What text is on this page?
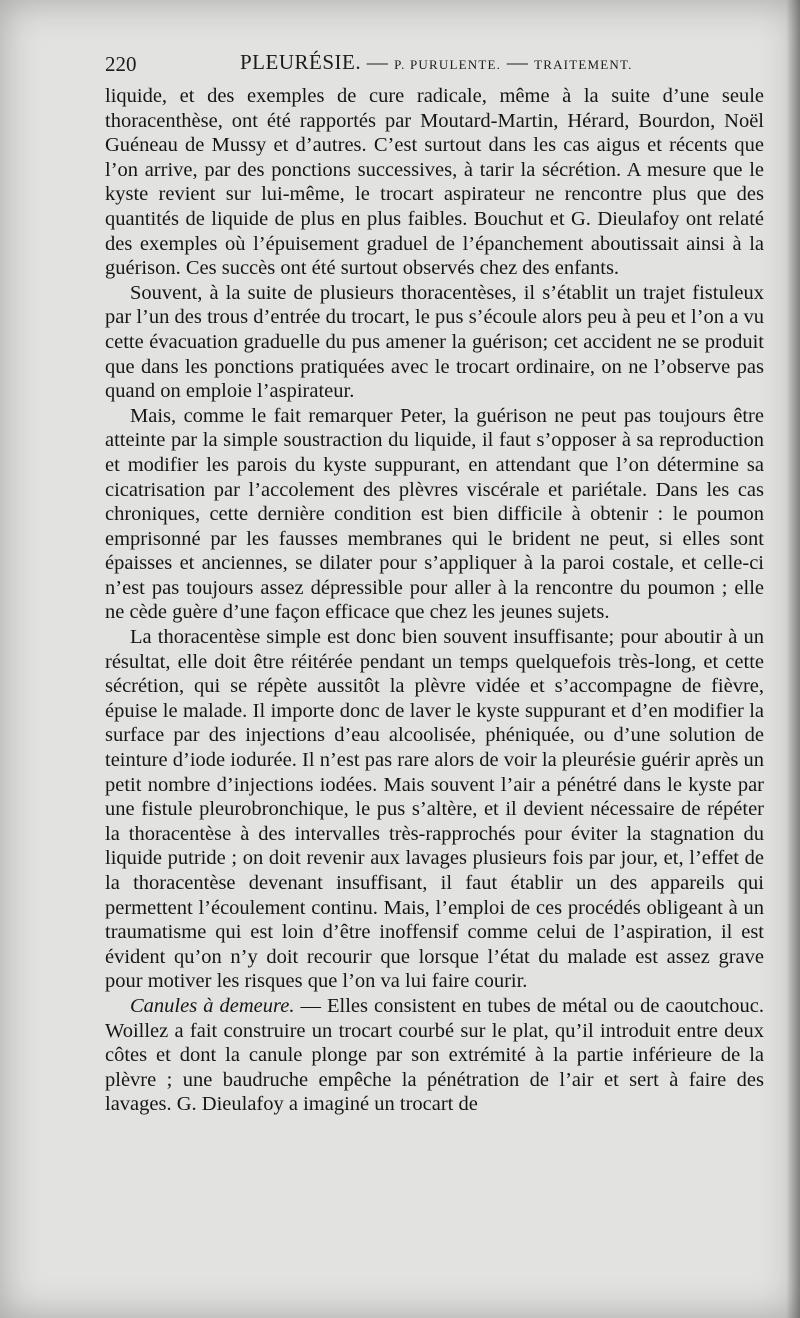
220	PLEURÉSIE. — P. PURULENTE. — TRAITEMENT.

liquide, et des exemples de cure radicale, même à la suite d’une seule thoracenthèse, ont été rapportés par Moutard-Martin, Hérard, Bourdon, Noël Guéneau de Mussy et d’autres. C’est surtout dans les cas aigus et récents que l’on arrive, par des ponctions successives, à tarir la sécrétion. A mesure que le kyste revient sur lui-même, le trocart aspirateur ne rencontre plus que des quantités de liquide de plus en plus faibles. Bouchut et G. Dieulafoy ont relaté des exemples où l’épuisement graduel de l’épanchement aboutissait ainsi à la guérison. Ces succès ont été surtout observés chez des enfants.

Souvent, à la suite de plusieurs thoracentèses, il s’établit un trajet fistuleux par l’un des trous d’entrée du trocart, le pus s’écoule alors peu à peu et l’on a vu cette évacuation graduelle du pus amener la guérison; cet accident ne se produit que dans les ponctions pratiquées avec le trocart ordinaire, on ne l’observe pas quand on emploie l’aspirateur.

Mais, comme le fait remarquer Peter, la guérison ne peut pas toujours être atteinte par la simple soustraction du liquide, il faut s’opposer à sa reproduction et modifier les parois du kyste suppurant, en attendant que l’on détermine sa cicatrisation par l’accolement des plèvres viscérale et pariétale. Dans les cas chroniques, cette dernière condition est bien difficile à obtenir : le poumon emprisonné par les fausses membranes qui le brident ne peut, si elles sont épaisses et anciennes, se dilater pour s’appliquer à la paroi costale, et celle-ci n’est pas toujours assez dépressible pour aller à la rencontre du poumon ; elle ne cède guère d’une façon efficace que chez les jeunes sujets.

La thoracentèse simple est donc bien souvent insuffisante; pour aboutir à un résultat, elle doit être réitérée pendant un temps quelquefois très-long, et cette sécrétion, qui se répète aussitôt la plèvre vidée et s’accompagne de fièvre, épuise le malade. Il importe donc de laver le kyste suppurant et d’en modifier la surface par des injections d’eau alcoolisée, phéniquée, ou d’une solution de teinture d’iode iodurée. Il n’est pas rare alors de voir la pleurésie guérir après un petit nombre d’injections iodées. Mais souvent l’air a pénétré dans le kyste par une fistule pleurobronchique, le pus s’altère, et il devient nécessaire de répéter la thoracentèse à des intervalles très-rapprochés pour éviter la stagnation du liquide putride ; on doit revenir aux lavages plusieurs fois par jour, et, l’effet de la thoracentèse devenant insuffisant, il faut établir un des appareils qui permettent l’écoulement continu. Mais, l’emploi de ces procédés obligeant à un traumatisme qui est loin d’être inoffensif comme celui de l’aspiration, il est évident qu’on n’y doit recourir que lorsque l’état du malade est assez grave pour motiver les risques que l’on va lui faire courir.

Canules à demeure. — Elles consistent en tubes de métal ou de caoutchouc. Woillez a fait construire un trocart courbé sur le plat, qu’il introduit entre deux côtes et dont la canule plonge par son extrémité à la partie inférieure de la plèvre ; une baudruche empêche la pénétration de l’air et sert à faire des lavages. G. Dieulafoy a imaginé un trocart de
